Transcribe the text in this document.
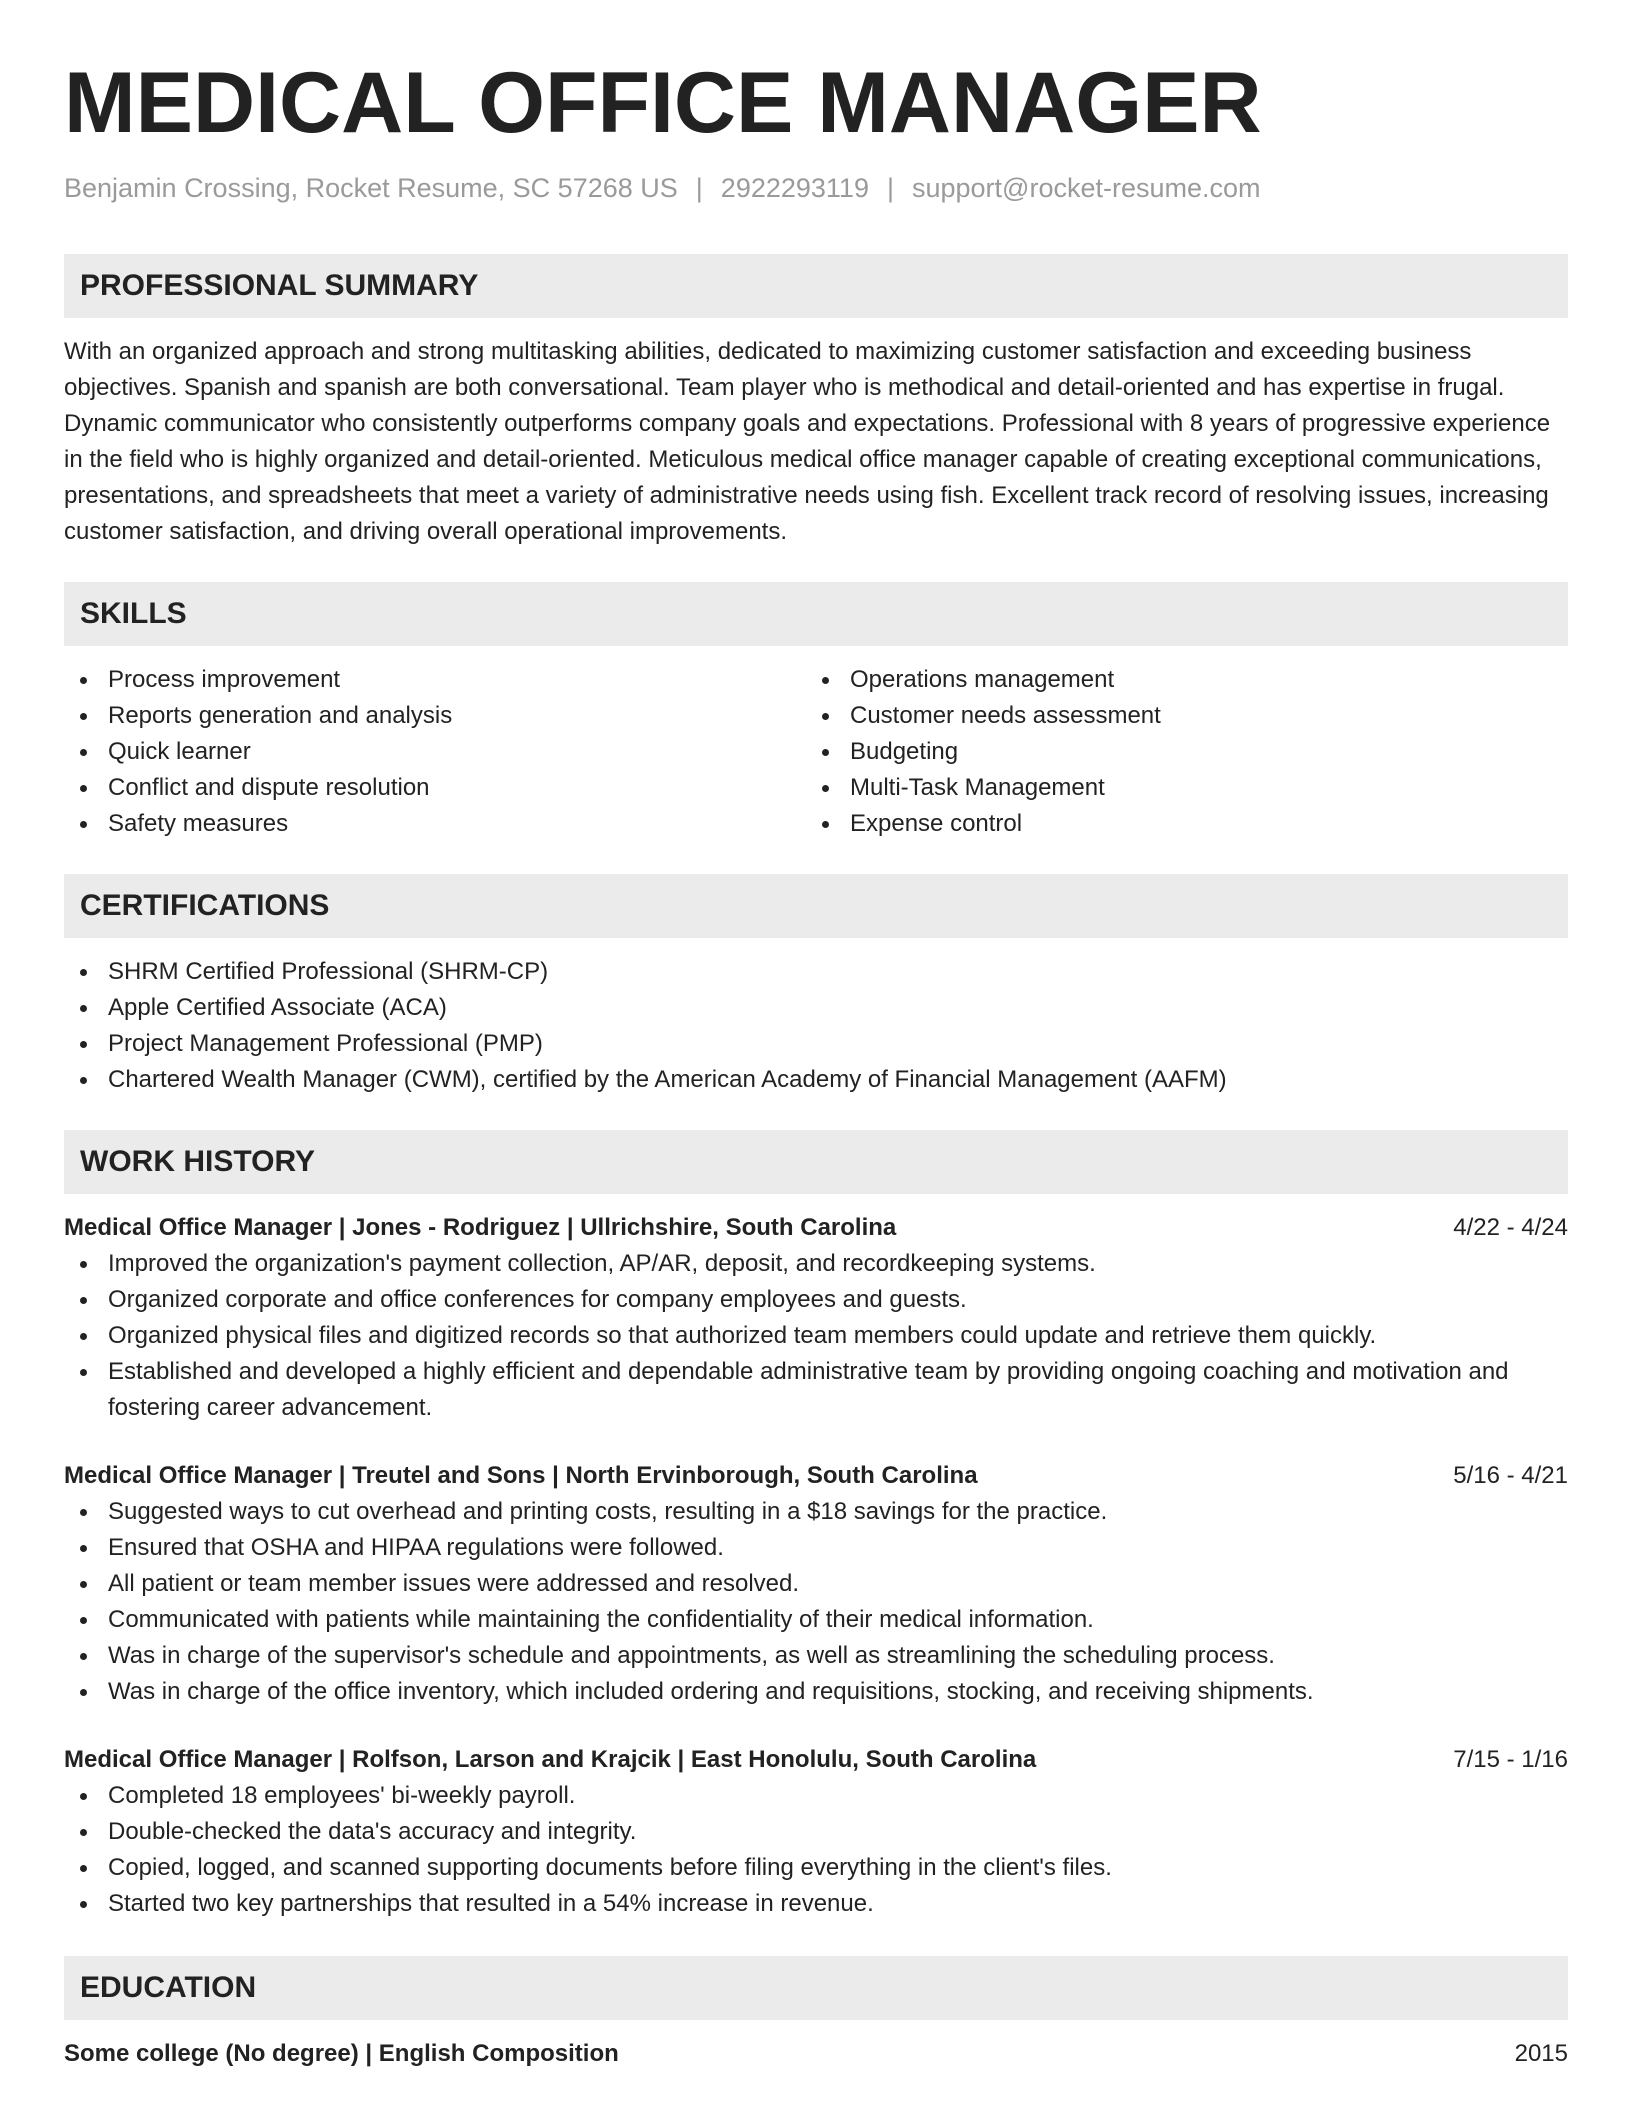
MEDICAL OFFICE MANAGER
Benjamin Crossing, Rocket Resume, SC 57268 US | 2922293119 | support@rocket-resume.com
PROFESSIONAL SUMMARY

With an organized approach and strong multitasking abilities, dedicated to maximizing customer satisfaction and exceeding business objectives. Spanish and spanish are both conversational. Team player who is methodical and detail-oriented and has expertise in frugal. Dynamic communicator who consistently outperforms company goals and expectations. Professional with 8 years of progressive experience in the field who is highly organized and detail-oriented. Meticulous medical office manager capable of creating exceptional communications, presentations, and spreadsheets that meet a variety of administrative needs using fish. Excellent track record of resolving issues, increasing customer satisfaction, and driving overall operational improvements.

SKILLS
Process improvement
Reports generation and analysis
Quick learner
Conflict and dispute resolution
Safety measures
Operations management
Customer needs assessment
Budgeting
Multi-Task Management
Expense control
CERTIFICATIONS
SHRM Certified Professional (SHRM-CP)
Apple Certified Associate (ACA)
Project Management Professional (PMP)
Chartered Wealth Manager (CWM), certified by the American Academy of Financial Management (AAFM)
WORK HISTORY
Medical Office Manager | Jones - Rodriguez | Ullrichshire, South Carolina	4/22 - 4/24
Improved the organization's payment collection, AP/AR, deposit, and recordkeeping systems.
Organized corporate and office conferences for company employees and guests.
Organized physical files and digitized records so that authorized team members could update and retrieve them quickly.
Established and developed a highly efficient and dependable administrative team by providing ongoing coaching and motivation and fostering career advancement.
Medical Office Manager | Treutel and Sons | North Ervinborough, South Carolina	5/16 - 4/21
Suggested ways to cut overhead and printing costs, resulting in a $18 savings for the practice.
Ensured that OSHA and HIPAA regulations were followed.
All patient or team member issues were addressed and resolved.
Communicated with patients while maintaining the confidentiality of their medical information.
Was in charge of the supervisor's schedule and appointments, as well as streamlining the scheduling process.
Was in charge of the office inventory, which included ordering and requisitions, stocking, and receiving shipments.
Medical Office Manager | Rolfson, Larson and Krajcik | East Honolulu, South Carolina	7/15 - 1/16
Completed 18 employees' bi-weekly payroll.
Double-checked the data's accuracy and integrity.
Copied, logged, and scanned supporting documents before filing everything in the client's files.
Started two key partnerships that resulted in a 54% increase in revenue.
EDUCATION
Some college (No degree) | English Composition	2015
